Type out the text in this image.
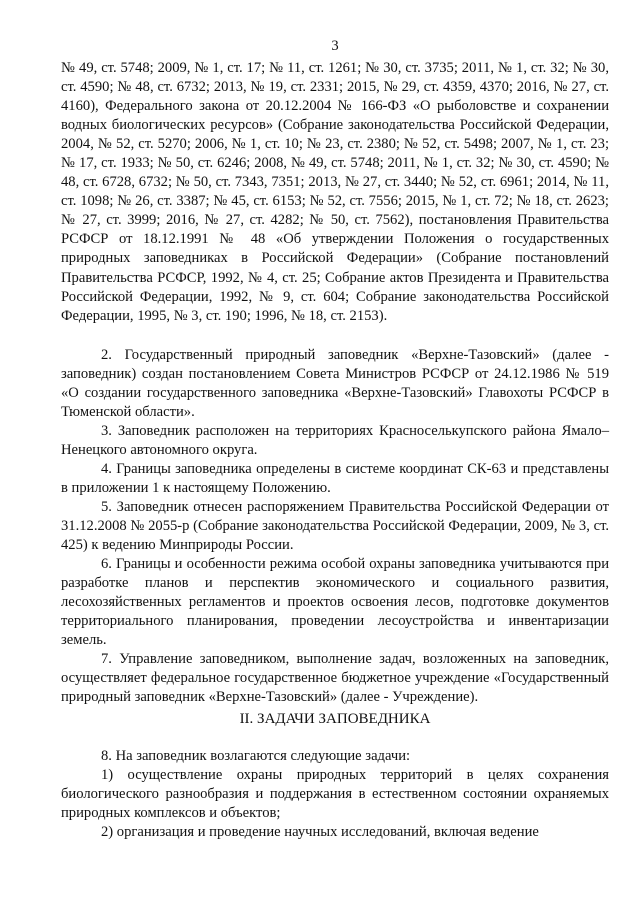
3

№ 49, ст. 5748; 2009, № 1, ст. 17; № 11, ст. 1261; № 30, ст. 3735; 2011, № 1, ст. 32; № 30, ст. 4590; № 48, ст. 6732; 2013, № 19, ст. 2331; 2015, № 29, ст. 4359, 4370; 2016, № 27, ст. 4160), Федерального закона от 20.12.2004 № 166-ФЗ «О рыболовстве и сохранении водных биологических ресурсов» (Собрание законодательства Российской Федерации, 2004, № 52, ст. 5270; 2006, № 1, ст. 10; № 23, ст. 2380; № 52, ст. 5498; 2007, № 1, ст. 23; № 17, ст. 1933; № 50, ст. 6246; 2008, № 49, ст. 5748; 2011, № 1, ст. 32; № 30, ст. 4590; № 48, ст. 6728, 6732; № 50, ст. 7343, 7351; 2013, № 27, ст. 3440; № 52, ст. 6961; 2014, № 11, ст. 1098; № 26, ст. 3387; № 45, ст. 6153; № 52, ст. 7556; 2015, № 1, ст. 72; № 18, ст. 2623; № 27, ст. 3999; 2016, № 27, ст. 4282; № 50, ст. 7562), постановления Правительства РСФСР от 18.12.1991 № 48 «Об утверждении Положения о государственных природных заповедниках в Российской Федерации» (Собрание постановлений Правительства РСФСР, 1992, № 4, ст. 25; Собрание актов Президента и Правительства Российской Федерации, 1992, № 9, ст. 604; Собрание законодательства Российской Федерации, 1995, № 3, ст. 190; 1996, № 18, ст. 2153).

2. Государственный природный заповедник «Верхне-Тазовский» (далее - заповедник) создан постановлением Совета Министров РСФСР от 24.12.1986 № 519 «О создании государственного заповедника «Верхне-Тазовский» Главохоты РСФСР в Тюменской области».

3. Заповедник расположен на территориях Красноселькупского района Ямало–Ненецкого автономного округа.

4. Границы заповедника определены в системе координат СК-63 и представлены в приложении 1 к настоящему Положению.

5. Заповедник отнесен распоряжением Правительства Российской Федерации от 31.12.2008 № 2055-р (Собрание законодательства Российской Федерации, 2009, № 3, ст. 425) к ведению Минприроды России.

6. Границы и особенности режима особой охраны заповедника учитываются при разработке планов и перспектив экономического и социального развития, лесохозяйственных регламентов и проектов освоения лесов, подготовке документов территориального планирования, проведении лесоустройства и инвентаризации земель.

7. Управление заповедником, выполнение задач, возложенных на заповедник, осуществляет федеральное государственное бюджетное учреждение «Государственный природный заповедник «Верхне-Тазовский» (далее - Учреждение).

II. ЗАДАЧИ ЗАПОВЕДНИКА

8. На заповедник возлагаются следующие задачи:

1) осуществление охраны природных территорий в целях сохранения биологического разнообразия и поддержания в естественном состоянии охраняемых природных комплексов и объектов;

2) организация и проведение научных исследований, включая ведение
